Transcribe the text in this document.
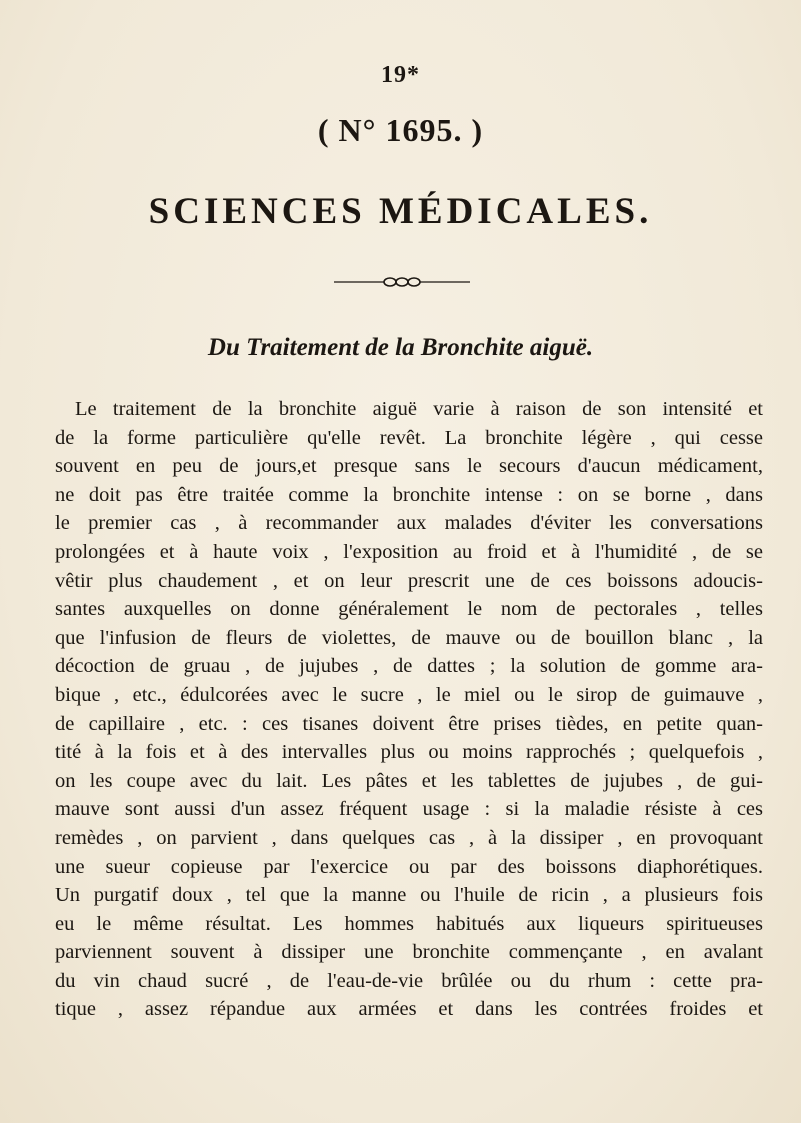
19*
( N° 1695. )
SCIENCES MÉDICALES.
Du Traitement de la Bronchite aiguë.
Le traitement de la bronchite aiguë varie à raison de son intensité et
de la forme particulière qu'elle revêt. La bronchite légère , qui cesse
souvent en peu de jours,et presque sans le secours d'aucun médicament,
ne doit pas être traitée comme la bronchite intense : on se borne , dans
le premier cas , à recommander aux malades d'éviter les conversations
prolongées et à haute voix , l'exposition au froid et à l'humidité , de se
vêtir plus chaudement , et on leur prescrit une de ces boissons adoucis-
santes auxquelles on donne généralement le nom de pectorales , telles
que l'infusion de fleurs de violettes, de mauve ou de bouillon blanc , la
décoction de gruau , de jujubes , de dattes ; la solution de gomme ara-
bique , etc., édulcorées avec le sucre , le miel ou le sirop de guimauve ,
de capillaire , etc. : ces tisanes doivent être prises tièdes, en petite quan-
tité à la fois et à des intervalles plus ou moins rapprochés ; quelquefois ,
on les coupe avec du lait. Les pâtes et les tablettes de jujubes , de gui-
mauve sont aussi d'un assez fréquent usage : si la maladie résiste à ces
remèdes , on parvient , dans quelques cas , à la dissiper , en provoquant
une sueur copieuse par l'exercice ou par des boissons diaphorétiques.
Un purgatif doux , tel que la manne ou l'huile de ricin , a plusieurs fois
eu le même résultat. Les hommes habitués aux liqueurs spiritueuses
parviennent souvent à dissiper une bronchite commençante , en avalant
du vin chaud sucré , de l'eau-de-vie brûlée ou du rhum : cette pra-
tique , assez répandue aux armées et dans les contrées froides et
